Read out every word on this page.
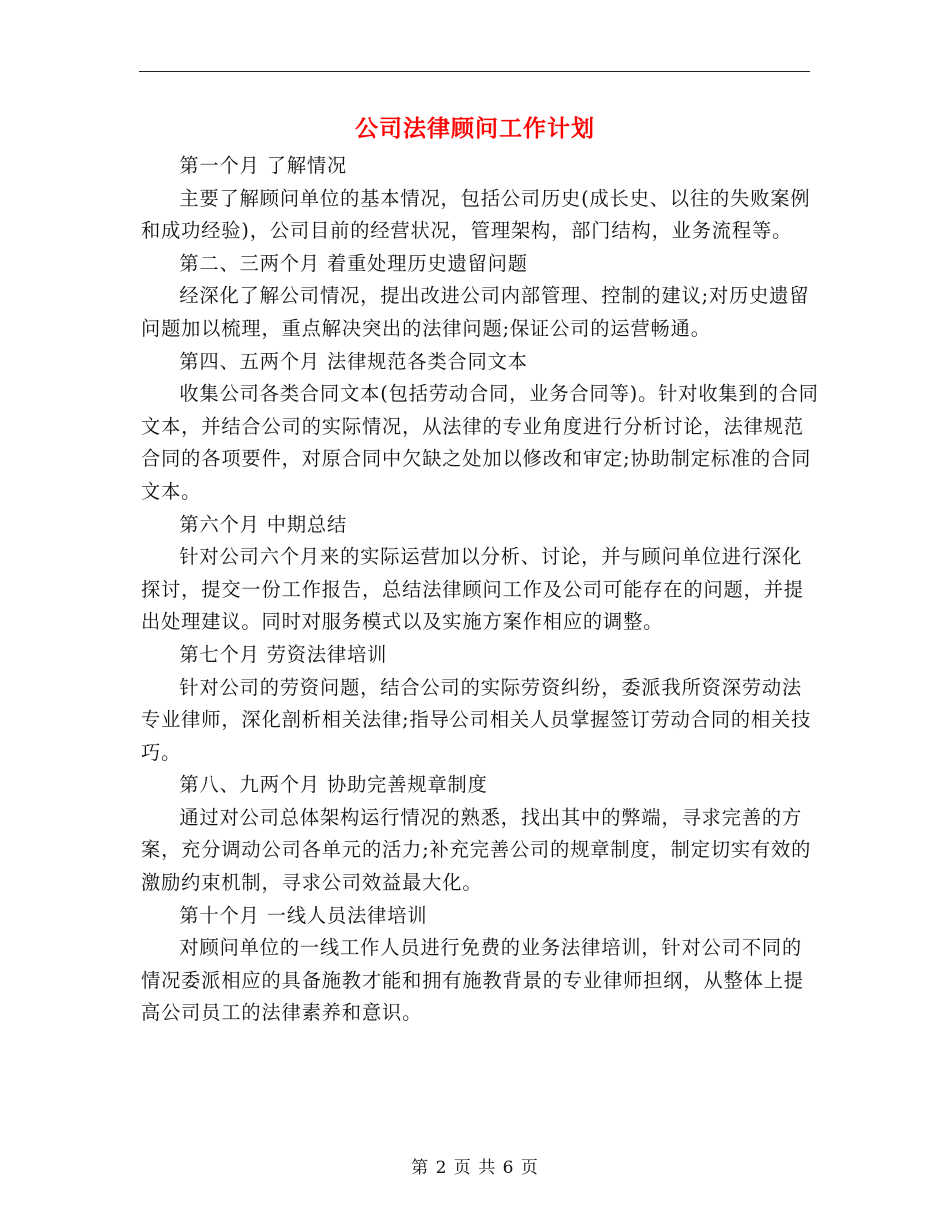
公司法律顾问工作计划

第一个月 了解情况

主要了解顾问单位的基本情况，包括公司历史(成长史、以往的失败案例和成功经验)，公司目前的经营状况，管理架构，部门结构，业务流程等。

第二、三两个月 着重处理历史遗留问题

经深化了解公司情况，提出改进公司内部管理、控制的建议;对历史遗留问题加以梳理，重点解决突出的法律问题;保证公司的运营畅通。

第四、五两个月 法律规范各类合同文本

收集公司各类合同文本(包括劳动合同，业务合同等)。针对收集到的合同文本，并结合公司的实际情况，从法律的专业角度进行分析讨论，法律规范合同的各项要件，对原合同中欠缺之处加以修改和审定;协助制定标准的合同文本。

第六个月 中期总结

针对公司六个月来的实际运营加以分析、讨论，并与顾问单位进行深化探讨，提交一份工作报告，总结法律顾问工作及公司可能存在的问题，并提出处理建议。同时对服务模式以及实施方案作相应的调整。

第七个月 劳资法律培训

针对公司的劳资问题，结合公司的实际劳资纠纷，委派我所资深劳动法专业律师，深化剖析相关法律;指导公司相关人员掌握签订劳动合同的相关技巧。

第八、九两个月 协助完善规章制度

通过对公司总体架构运行情况的熟悉，找出其中的弊端，寻求完善的方案，充分调动公司各单元的活力;补充完善公司的规章制度，制定切实有效的激励约束机制，寻求公司效益最大化。

第十个月 一线人员法律培训

对顾问单位的一线工作人员进行免费的业务法律培训，针对公司不同的情况委派相应的具备施教才能和拥有施教背景的专业律师担纲，从整体上提高公司员工的法律素养和意识。

第 2 页 共 6 页
